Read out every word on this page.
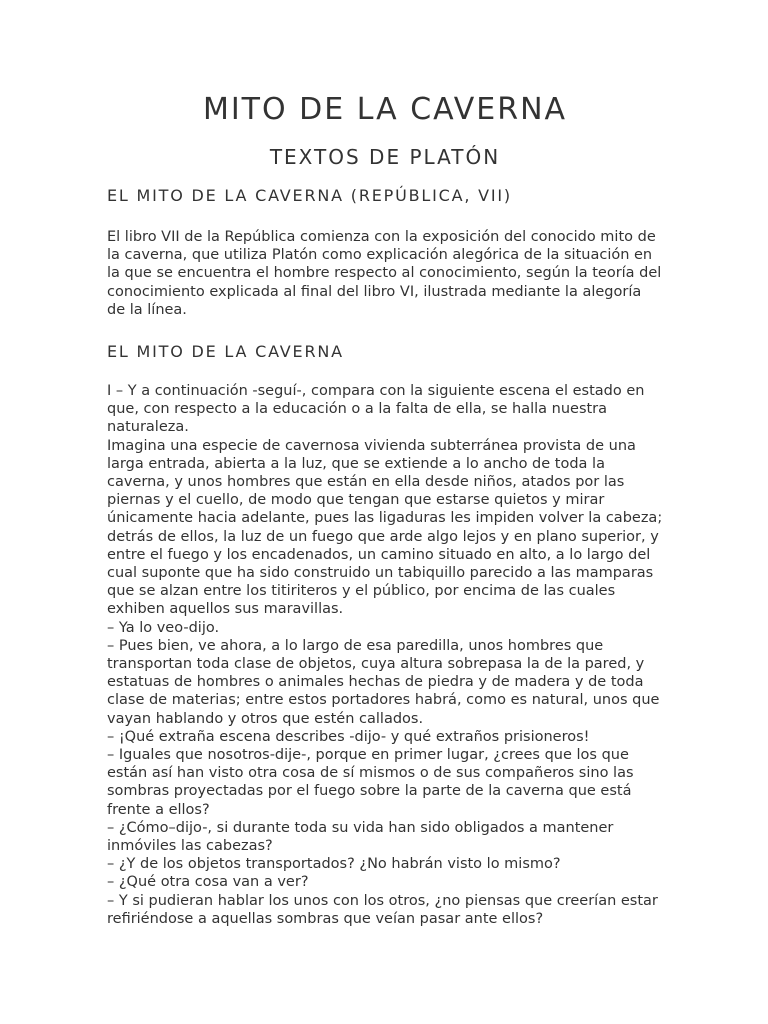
MITO DE LA CAVERNA
TEXTOS DE PLATÓN
EL MITO DE LA CAVERNA (REPÚBLICA, VII)

El libro VII de la República comienza con la exposición del conocido mito de la caverna, que utiliza Platón como explicación alegórica de la situación en la que se encuentra el hombre respecto al conocimiento, según la teoría del conocimiento explicada al final del libro VI, ilustrada mediante la alegoría de la línea.

EL MITO DE LA CAVERNA

I – Y a continuación -seguí-, compara con la siguiente escena el estado en que, con respecto a la educación o a la falta de ella, se halla nuestra naturaleza.

Imagina una especie de cavernosa vivienda subterránea provista de una larga entrada, abierta a la luz, que se extiende a lo ancho de toda la caverna, y unos hombres que están en ella desde niños, atados por las piernas y el cuello, de modo que tengan que estarse quietos y mirar únicamente hacia adelante, pues las ligaduras les impiden volver la cabeza; detrás de ellos, la luz de un fuego que arde algo lejos y en plano superior, y entre el fuego y los encadenados, un camino situado en alto, a lo largo del cual suponte que ha sido construido un tabiquillo parecido a las mamparas que se alzan entre los titiriteros y el público, por encima de las cuales exhiben aquellos sus maravillas.

– Ya lo veo-dijo.

– Pues bien, ve ahora, a lo largo de esa paredilla, unos hombres que transportan toda clase de objetos, cuya altura sobrepasa la de la pared, y estatuas de hombres o animales hechas de piedra y de madera y de toda clase de materias; entre estos portadores habrá, como es natural, unos que vayan hablando y otros que estén callados.

– ¡Qué extraña escena describes -dijo- y qué extraños prisioneros!

– Iguales que nosotros-dije-, porque en primer lugar, ¿crees que los que están así han visto otra cosa de sí mismos o de sus compañeros sino las sombras proyectadas por el fuego sobre la parte de la caverna que está frente a ellos?

– ¿Cómo–dijo-, si durante toda su vida han sido obligados a mantener inmóviles las cabezas?

– ¿Y de los objetos transportados? ¿No habrán visto lo mismo?

– ¿Qué otra cosa van a ver?

– Y si pudieran hablar los unos con los otros, ¿no piensas que creerían estar refiriéndose a aquellas sombras que veían pasar ante ellos?
